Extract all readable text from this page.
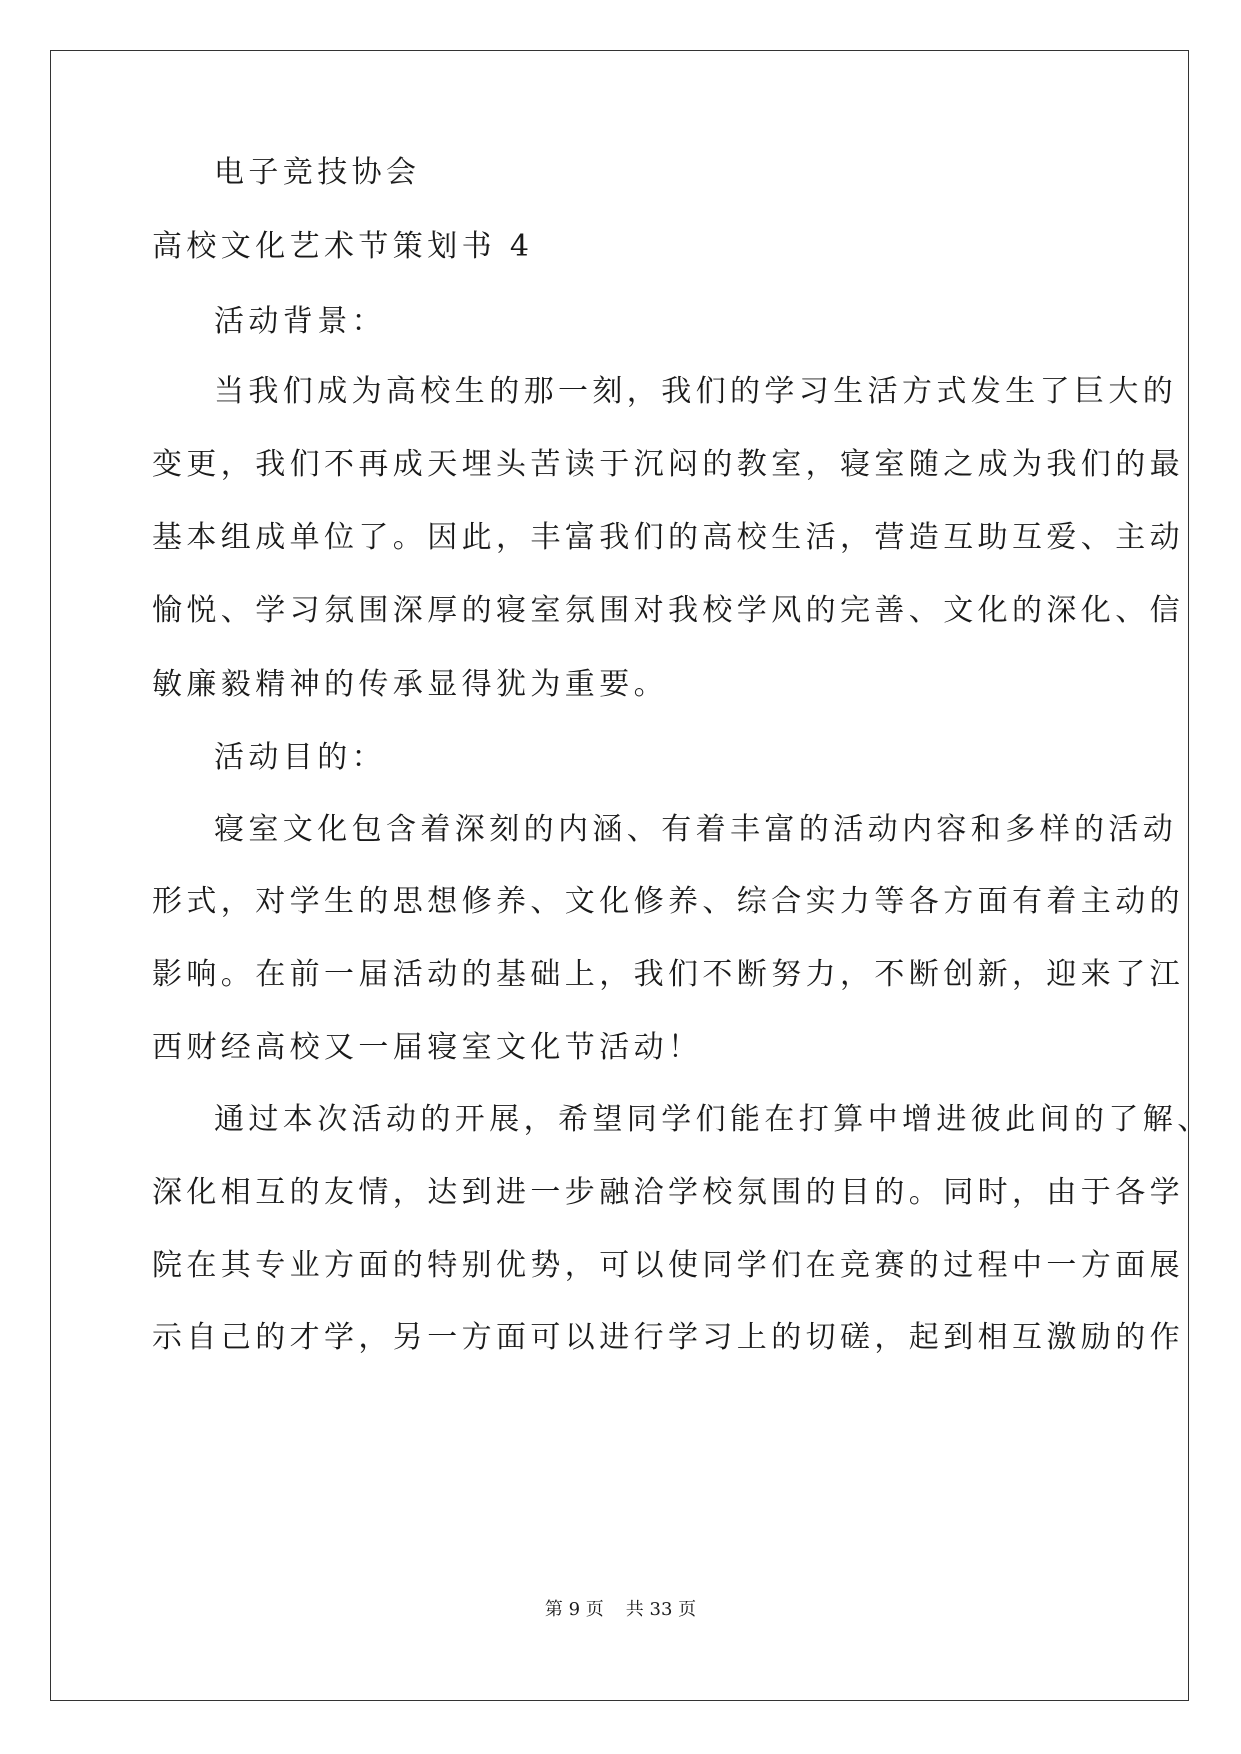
电子竞技协会
高校文化艺术节策划书 4
活动背景：
当我们成为高校生的那一刻，我们的学习生活方式发生了巨大的
变更，我们不再成天埋头苦读于沉闷的教室，寝室随之成为我们的最
基本组成单位了。因此，丰富我们的高校生活，营造互助互爱、主动
愉悦、学习氛围深厚的寝室氛围对我校学风的完善、文化的深化、信
敏廉毅精神的传承显得犹为重要。
活动目的：
寝室文化包含着深刻的内涵、有着丰富的活动内容和多样的活动
形式，对学生的思想修养、文化修养、综合实力等各方面有着主动的
影响。在前一届活动的基础上，我们不断努力，不断创新，迎来了江
西财经高校又一届寝室文化节活动！
通过本次活动的开展，希望同学们能在打算中增进彼此间的了解、
深化相互的友情，达到进一步融洽学校氛围的目的。同时，由于各学
院在其专业方面的特别优势，可以使同学们在竞赛的过程中一方面展
示自己的才学，另一方面可以进行学习上的切磋，起到相互激励的作
第 9 页 共 33 页
